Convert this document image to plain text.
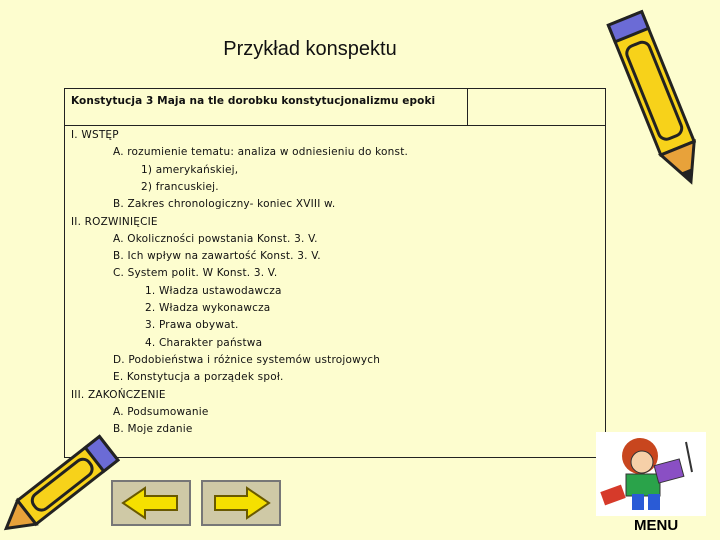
Przykład konspektu
Konstytucja 3 Maja na tle dorobku konstytucjonalizmu epoki
I. WSTĘP
A. rozumienie tematu: analiza w odniesieniu do konst.
1) amerykańskiej,
2) francuskiej.
B. Zakres chronologiczny- koniec XVIII w.
II. ROZWINIĘCIE
A. Okoliczności powstania Konst. 3. V.
B. Ich wpływ na zawartość Konst. 3. V.
C. System polit. W Konst. 3. V.
1. Władza ustawodawcza
2. Władza wykonawcza
3. Prawa obywat.
4. Charakter państwa
D. Podobieństwa i różnice systemów ustrojowych
E. Konstytucja a porządek społ.
III. ZAKOŃCZENIE
A. Podsumowanie
B. Moje zdanie
MENU
